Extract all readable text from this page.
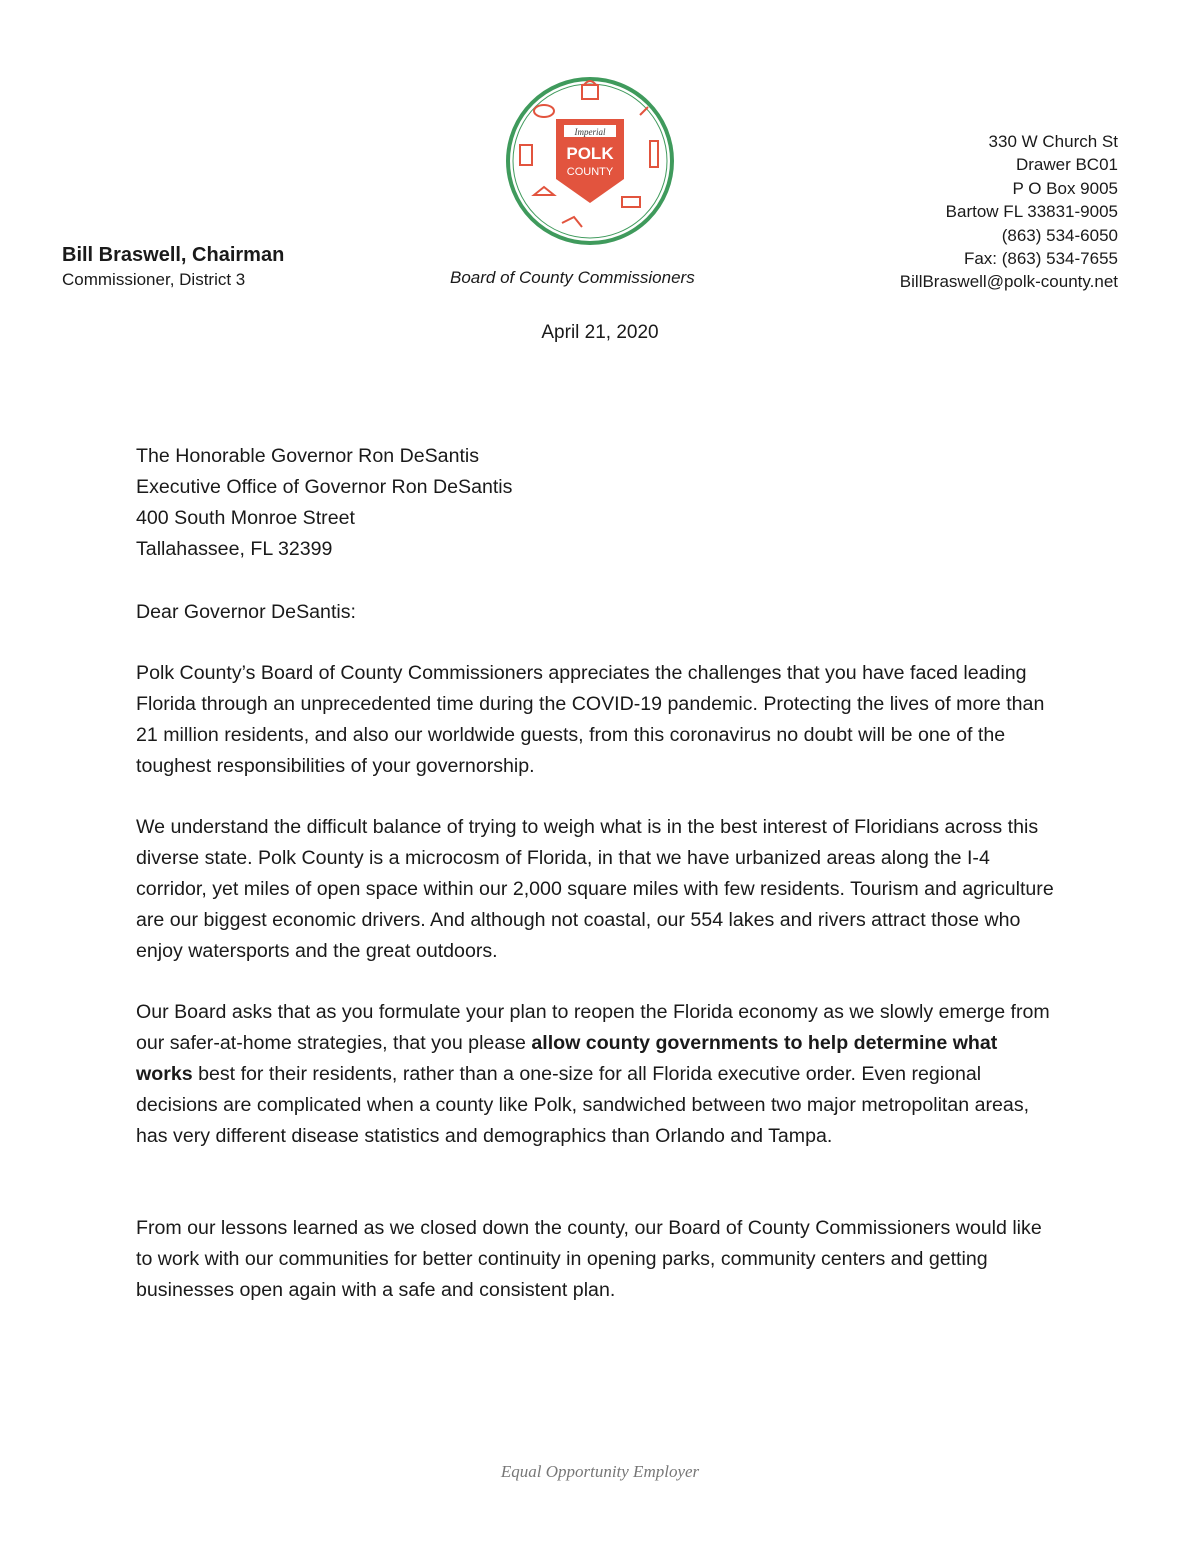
Imperial
POLK
COUNTY
Bill Braswell, Chairman
Commissioner, District 3	Board of County Commissioners
330 W Church St
Drawer BC01
P O Box 9005
Bartow FL 33831-9005
(863) 534-6050
Fax: (863) 534-7655
BillBraswell@polk-county.net
April 21, 2020
The Honorable Governor Ron DeSantis
Executive Office of Governor Ron DeSantis
400 South Monroe Street
Tallahassee, FL 32399
Dear Governor DeSantis:

Polk County’s Board of County Commissioners appreciates the challenges that you have faced leading Florida through an unprecedented time during the COVID-19 pandemic. Protecting the lives of more than 21 million residents, and also our worldwide guests, from this coronavirus no doubt will be one of the toughest responsibilities of your governorship.

We understand the difficult balance of trying to weigh what is in the best interest of Floridians across this diverse state. Polk County is a microcosm of Florida, in that we have urbanized areas along the I-4 corridor, yet miles of open space within our 2,000 square miles with few residents. Tourism and agriculture are our biggest economic drivers. And although not coastal, our 554 lakes and rivers attract those who enjoy watersports and the great outdoors.

Our Board asks that as you formulate your plan to reopen the Florida economy as we slowly emerge from our safer-at-home strategies, that you please allow county governments to help determine what works best for their residents, rather than a one-size for all Florida executive order. Even regional decisions are complicated when a county like Polk, sandwiched between two major metropolitan areas, has very different disease statistics and demographics than Orlando and Tampa.

From our lessons learned as we closed down the county, our Board of County Commissioners would like to work with our communities for better continuity in opening parks, community centers and getting businesses open again with a safe and consistent plan.

Equal Opportunity Employer
